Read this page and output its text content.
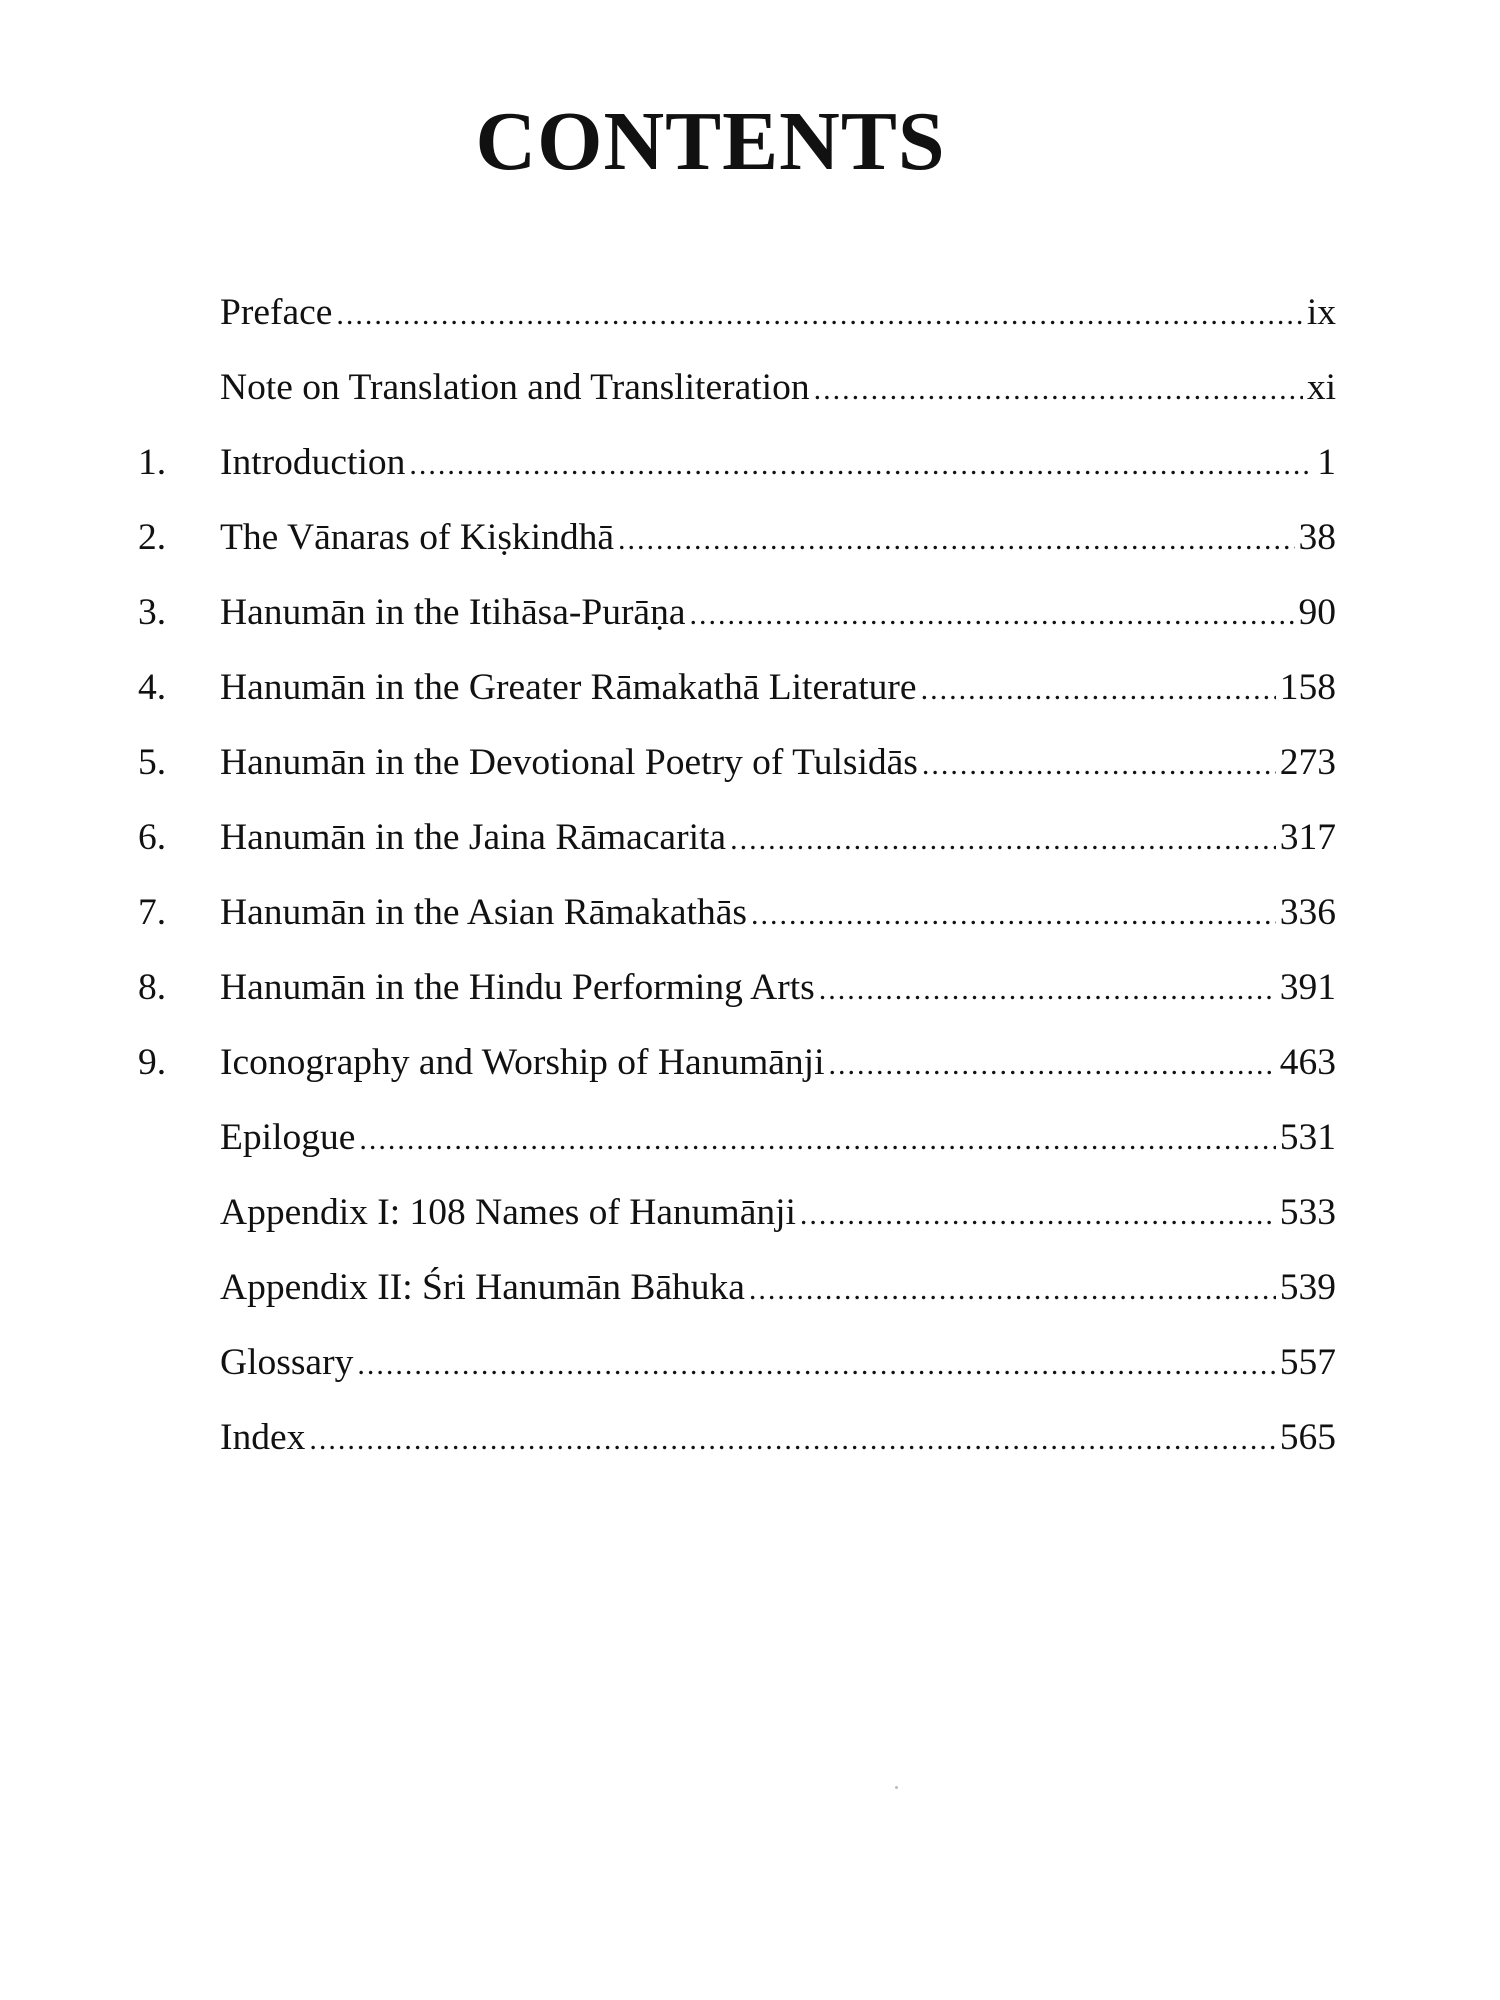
CONTENTS
Preface .....	ix
Note on Translation and Transliteration .....	xi
1.	Introduction .....	1
2.	The Vānaras of Kiṣkindhā .....	38
3.	Hanumān in the Itihāsa-Purāṇa .....	90
4.	Hanumān in the Greater Rāmakathā Literature .....	158
5.	Hanumān in the Devotional Poetry of Tulsidās .....	273
6.	Hanumān in the Jaina Rāmacarita .....	317
7.	Hanumān in the Asian Rāmakathās .....	336
8.	Hanumān in the Hindu Performing Arts .....	391
9.	Iconography and Worship of Hanumānji .....	463
Epilogue .....	531
Appendix I: 108 Names of Hanumānji .....	533
Appendix II: Śri Hanumān Bāhuka .....	539
Glossary .....	557
Index .....	565
